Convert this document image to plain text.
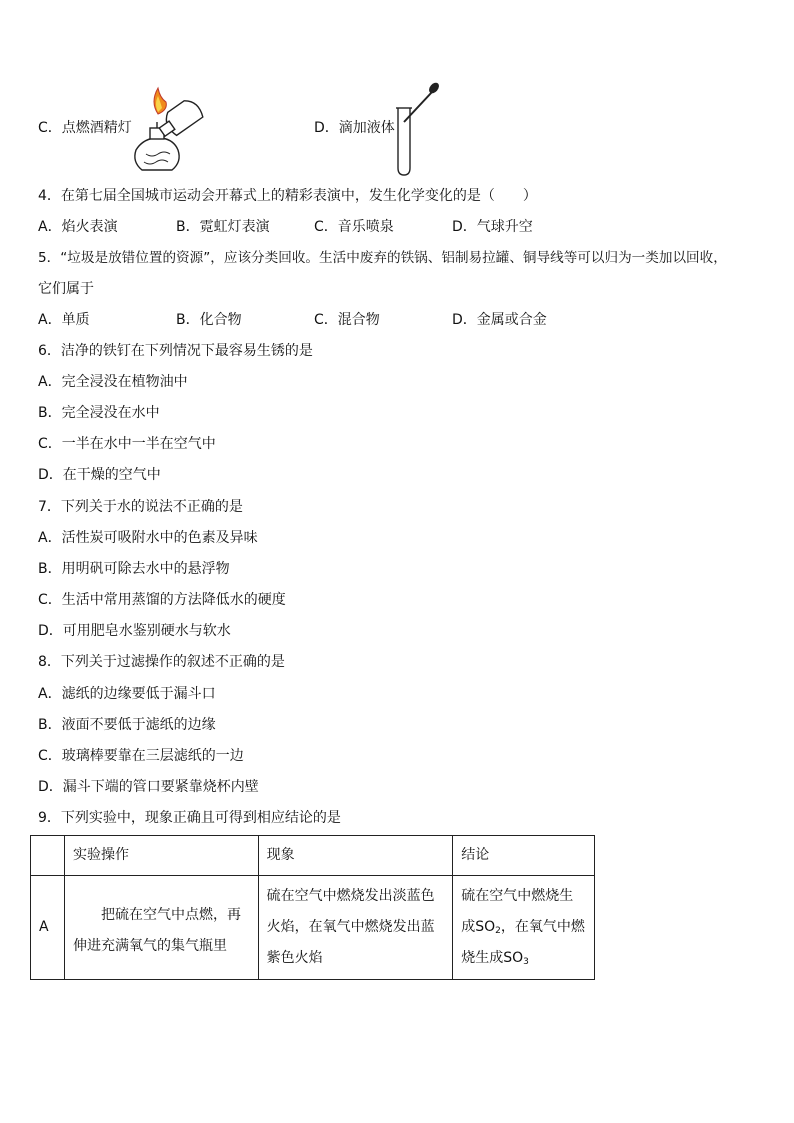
C．点燃酒精灯	D．滴加液体
4．在第七届全国城市运动会开幕式上的精彩表演中，发生化学变化的是（　　）
A．焰火表演	B．霓虹灯表演	C．音乐喷泉	D．气球升空
5．“垃圾是放错位置的资源”，应该分类回收。生活中废弃的铁锅、铝制易拉罐、铜导线等可以归为一类加以回收，
它们属于
A．单质	B．化合物	C．混合物	D．金属或合金
6．洁净的铁钉在下列情况下最容易生锈的是
A．完全浸没在植物油中
B．完全浸没在水中
C．一半在水中一半在空气中
D．在干燥的空气中
7．下列关于水的说法不正确的是
A．活性炭可吸附水中的色素及异味
B．用明矾可除去水中的悬浮物
C．生活中常用蒸馏的方法降低水的硬度
D．可用肥皂水鉴别硬水与软水
8．下列关于过滤操作的叙述不正确的是
A．滤纸的边缘要低于漏斗口
B．液面不要低于滤纸的边缘
C．玻璃棒要靠在三层滤纸的一边
D．漏斗下端的管口要紧靠烧杯内壁
9．下列实验中，现象正确且可得到相应结论的是
	实验操作	现象	结论
A	把硫在空气中点燃，再伸进充满氧气的集气瓶里	硫在空气中燃烧发出淡蓝色火焰，在氧气中燃烧发出蓝紫色火焰	硫在空气中燃烧生成$SO_2$，在氧气中燃烧生成$SO_3$
